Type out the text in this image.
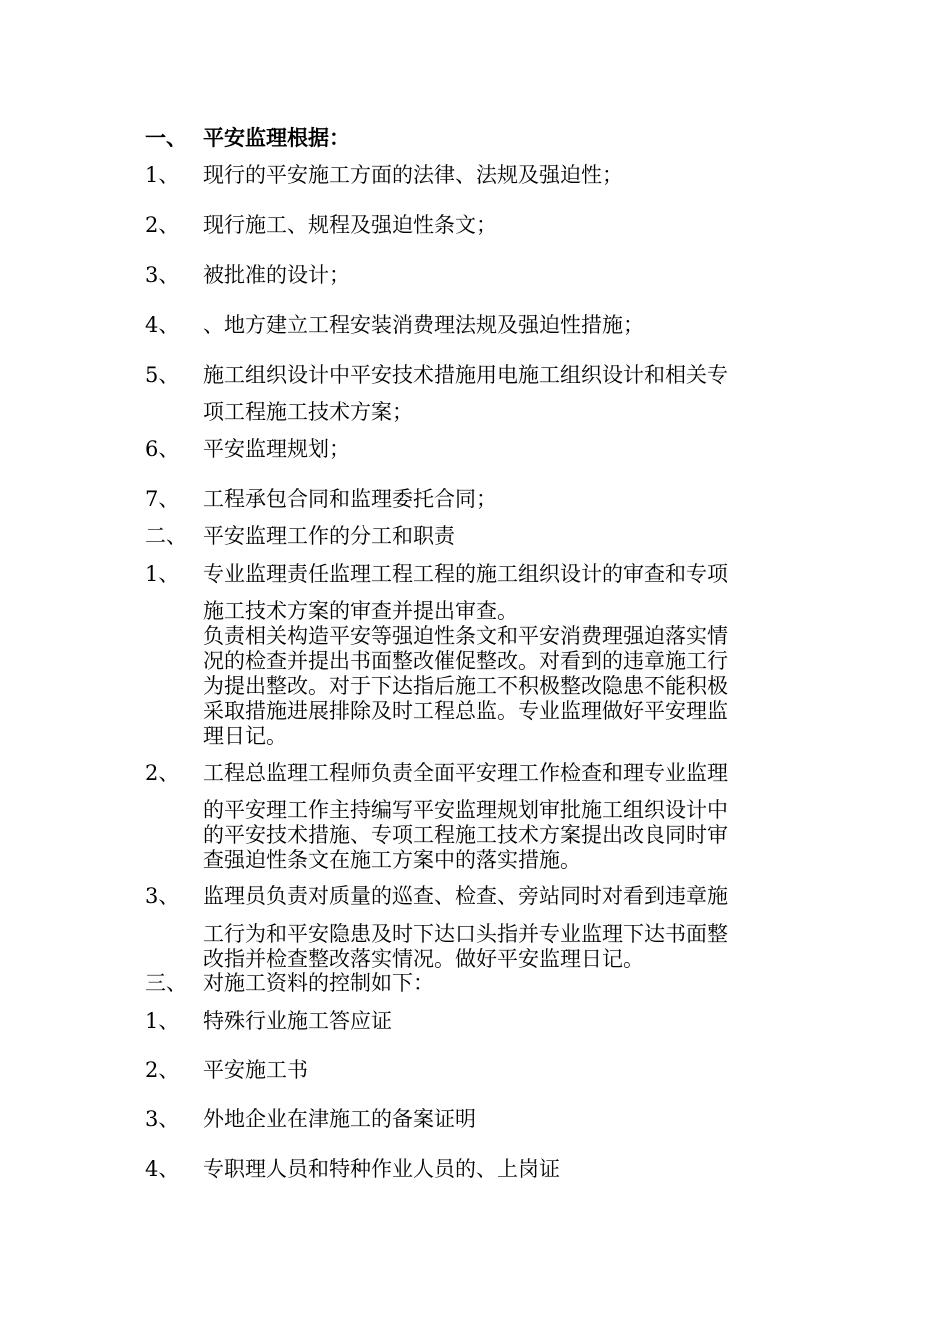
一、 平安监理根据：
1、 现行的平安施工方面的法律、法规及强迫性；
2、 现行施工、规程及强迫性条文；
3、 被批准的设计；
4、 、地方建立工程安装消费理法规及强迫性措施；
5、 施工组织设计中平安技术措施用电施工组织设计和相关专
项工程施工技术方案；
6、 平安监理规划；
7、 工程承包合同和监理委托合同；
二、 平安监理工作的分工和职责
1、 专业监理责任监理工程工程的施工组织设计的审查和专项
施工技术方案的审查并提出审查。
负责相关构造平安等强迫性条文和平安消费理强迫落实情
况的检查并提出书面整改催促整改。对看到的违章施工行
为提出整改。对于下达指后施工不积极整改隐患不能积极
采取措施进展排除及时工程总监。专业监理做好平安理监
理日记。
2、 工程总监理工程师负责全面平安理工作检查和理专业监理
的平安理工作主持编写平安监理规划审批施工组织设计中
的平安技术措施、专项工程施工技术方案提出改良同时审
查强迫性条文在施工方案中的落实措施。
3、 监理员负责对质量的巡查、检查、旁站同时对看到违章施
工行为和平安隐患及时下达口头指并专业监理下达书面整
改指并检查整改落实情况。做好平安监理日记。
三、 对施工资料的控制如下：
1、 特殊行业施工答应证
2、 平安施工书
3、 外地企业在津施工的备案证明
4、 专职理人员和特种作业人员的、上岗证
